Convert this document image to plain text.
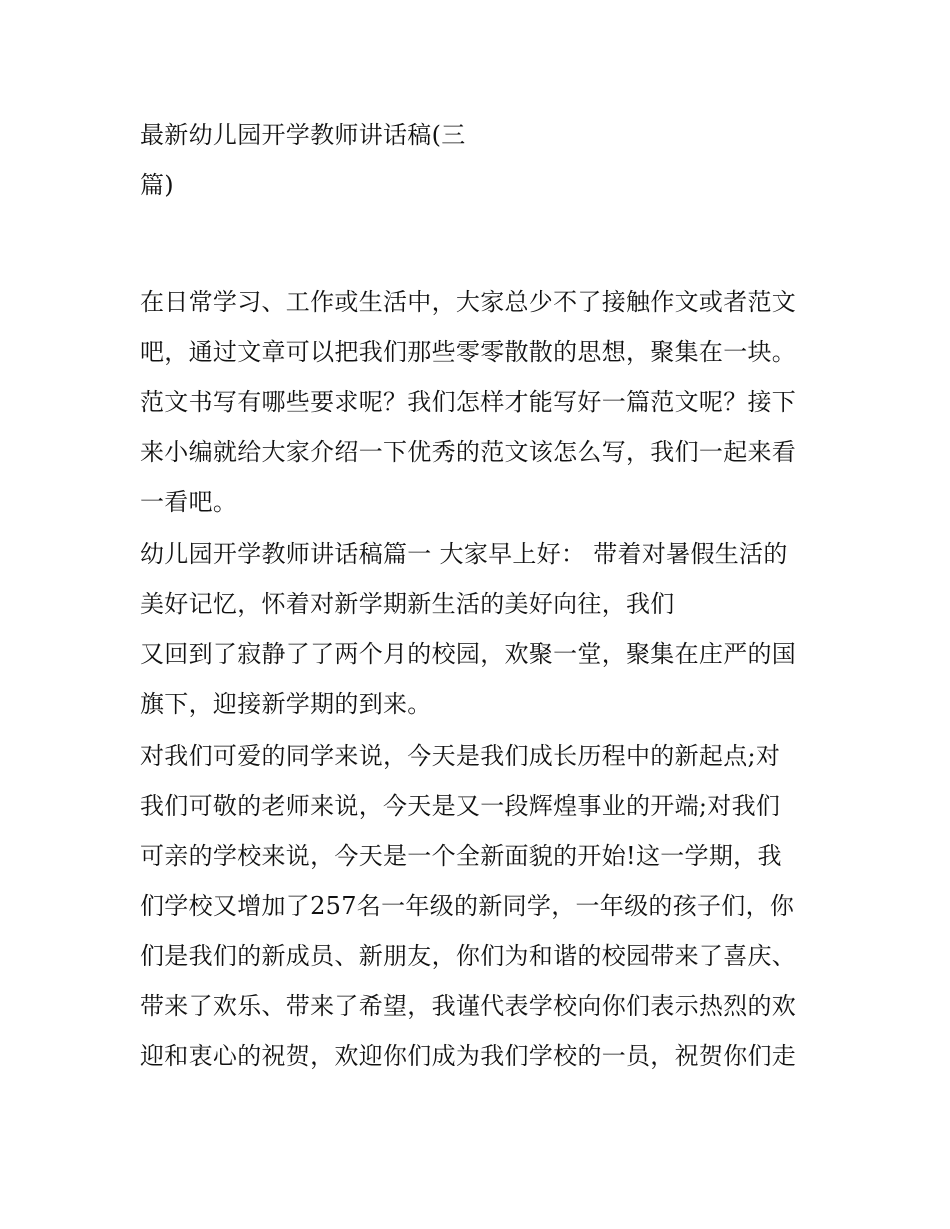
最新幼儿园开学教师讲话稿(三
篇)
在日常学习、工作或生活中，大家总少不了接触作文或者范文
吧，通过文章可以把我们那些零零散散的思想，聚集在一块。
范文书写有哪些要求呢？我们怎样才能写好一篇范文呢？接下
来小编就给大家介绍一下优秀的范文该怎么写，我们一起来看
一看吧。
幼儿园开学教师讲话稿篇一 大家早上好： 带着对暑假生活的
美好记忆，怀着对新学期新生活的美好向往，我们
又回到了寂静了了两个月的校园，欢聚一堂，聚集在庄严的国
旗下，迎接新学期的到来。
对我们可爱的同学来说，今天是我们成长历程中的新起点;对
我们可敬的老师来说，今天是又一段辉煌事业的开端;对我们
可亲的学校来说，今天是一个全新面貌的开始!这一学期，我
们学校又增加了257名一年级的新同学，一年级的孩子们，你
们是我们的新成员、新朋友，你们为和谐的校园带来了喜庆、
带来了欢乐、带来了希望，我谨代表学校向你们表示热烈的欢
迎和衷心的祝贺，欢迎你们成为我们学校的一员，祝贺你们走
